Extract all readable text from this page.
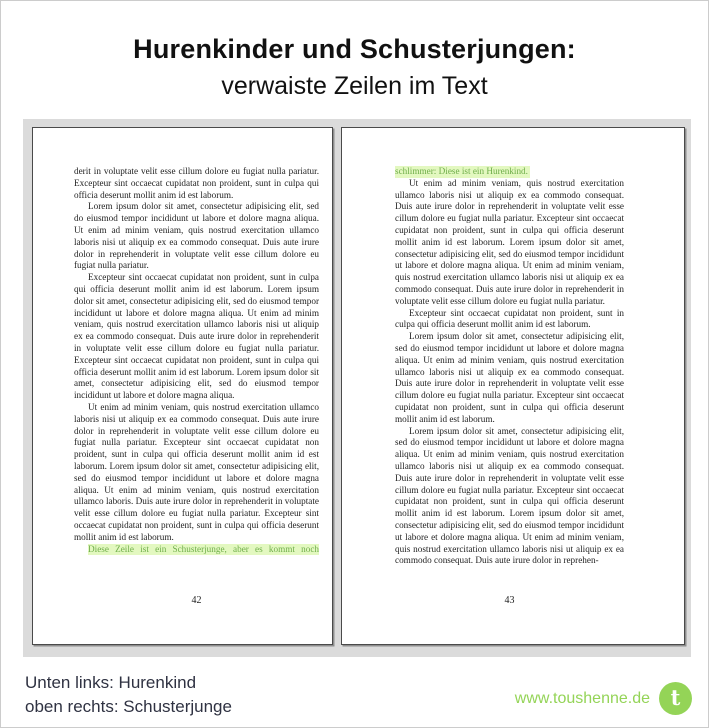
Hurenkinder und Schusterjungen:
verwaiste Zeilen im Text

derit in voluptate velit esse cillum dolore eu fugiat nulla pariatur. Excepteur sint occaecat cupidatat non proident, sunt in culpa qui officia deserunt mollit anim id est laborum.

Lorem ipsum dolor sit amet, consectetur adipisicing elit, sed do eiusmod tempor incididunt ut labore et dolore magna aliqua. Ut enim ad minim veniam, quis nostrud exercitation ullamco laboris nisi ut aliquip ex ea commodo consequat. Duis aute irure dolor in reprehenderit in voluptate velit esse cillum dolore eu fugiat nulla pariatur.

Excepteur sint occaecat cupidatat non proident, sunt in culpa qui officia deserunt mollit anim id est laborum. Lorem ipsum dolor sit amet, consectetur adipisicing elit, sed do eiusmod tempor incididunt ut labore et dolore magna aliqua. Ut enim ad minim veniam, quis nostrud exercitation ullamco laboris nisi ut aliquip ex ea commodo consequat. Duis aute irure dolor in reprehenderit in voluptate velit esse cillum dolore eu fugiat nulla pariatur. Excepteur sint occaecat cupidatat non proident, sunt in culpa qui officia deserunt mollit anim id est laborum. Lorem ipsum dolor sit amet, consectetur adipisicing elit, sed do eiusmod tempor incididunt ut labore et dolore magna aliqua.

Ut enim ad minim veniam, quis nostrud exercitation ullamco laboris nisi ut aliquip ex ea commodo consequat. Duis aute irure dolor in reprehenderit in voluptate velit esse cillum dolore eu fugiat nulla pariatur. Excepteur sint occaecat cupidatat non proident, sunt in culpa qui officia deserunt mollit anim id est laborum. Lorem ipsum dolor sit amet, consectetur adipisicing elit, sed do eiusmod tempor incididunt ut labore et dolore magna aliqua. Ut enim ad minim veniam, quis nostrud exercitation ullamco laboris. Duis aute irure dolor in reprehenderit in voluptate velit esse cillum dolore eu fugiat nulla pariatur. Excepteur sint occaecat cupidatat non proident, sunt in culpa qui officia deserunt mollit anim id est laborum.

Diese Zeile ist ein Schusterjunge, aber es kommt noch

42

schlimmer: Diese ist ein Hurenkind.

Ut enim ad minim veniam, quis nostrud exercitation ullamco laboris nisi ut aliquip ex ea commodo consequat. Duis aute irure dolor in reprehenderit in voluptate velit esse cillum dolore eu fugiat nulla pariatur. Excepteur sint occaecat cupidatat non proident, sunt in culpa qui officia deserunt mollit anim id est laborum. Lorem ipsum dolor sit amet, consectetur adipisicing elit, sed do eiusmod tempor incididunt ut labore et dolore magna aliqua. Ut enim ad minim veniam, quis nostrud exercitation ullamco laboris nisi ut aliquip ex ea commodo consequat. Duis aute irure dolor in reprehenderit in voluptate velit esse cillum dolore eu fugiat nulla pariatur.

Excepteur sint occaecat cupidatat non proident, sunt in culpa qui officia deserunt mollit anim id est laborum.

Lorem ipsum dolor sit amet, consectetur adipisicing elit, sed do eiusmod tempor incididunt ut labore et dolore magna aliqua. Ut enim ad minim veniam, quis nostrud exercitation ullamco laboris nisi ut aliquip ex ea commodo consequat. Duis aute irure dolor in reprehenderit in voluptate velit esse cillum dolore eu fugiat nulla pariatur. Excepteur sint occaecat cupidatat non proident, sunt in culpa qui officia deserunt mollit anim id est laborum.

Lorem ipsum dolor sit amet, consectetur adipisicing elit, sed do eiusmod tempor incididunt ut labore et dolore magna aliqua. Ut enim ad minim veniam, quis nostrud exercitation ullamco laboris nisi ut aliquip ex ea commodo consequat. Duis aute irure dolor in reprehenderit in voluptate velit esse cillum dolore eu fugiat nulla pariatur. Excepteur sint occaecat cupidatat non proident, sunt in culpa qui officia deserunt mollit anim id est laborum. Lorem ipsum dolor sit amet, consectetur adipisicing elit, sed do eiusmod tempor incididunt ut labore et dolore magna aliqua. Ut enim ad minim veniam, quis nostrud exercitation ullamco laboris nisi ut aliquip ex ea commodo consequat. Duis aute irure dolor in reprehen-

43
Unten links: Hurenkind
oben rechts: Schusterjunge	www.toushenne.de t
